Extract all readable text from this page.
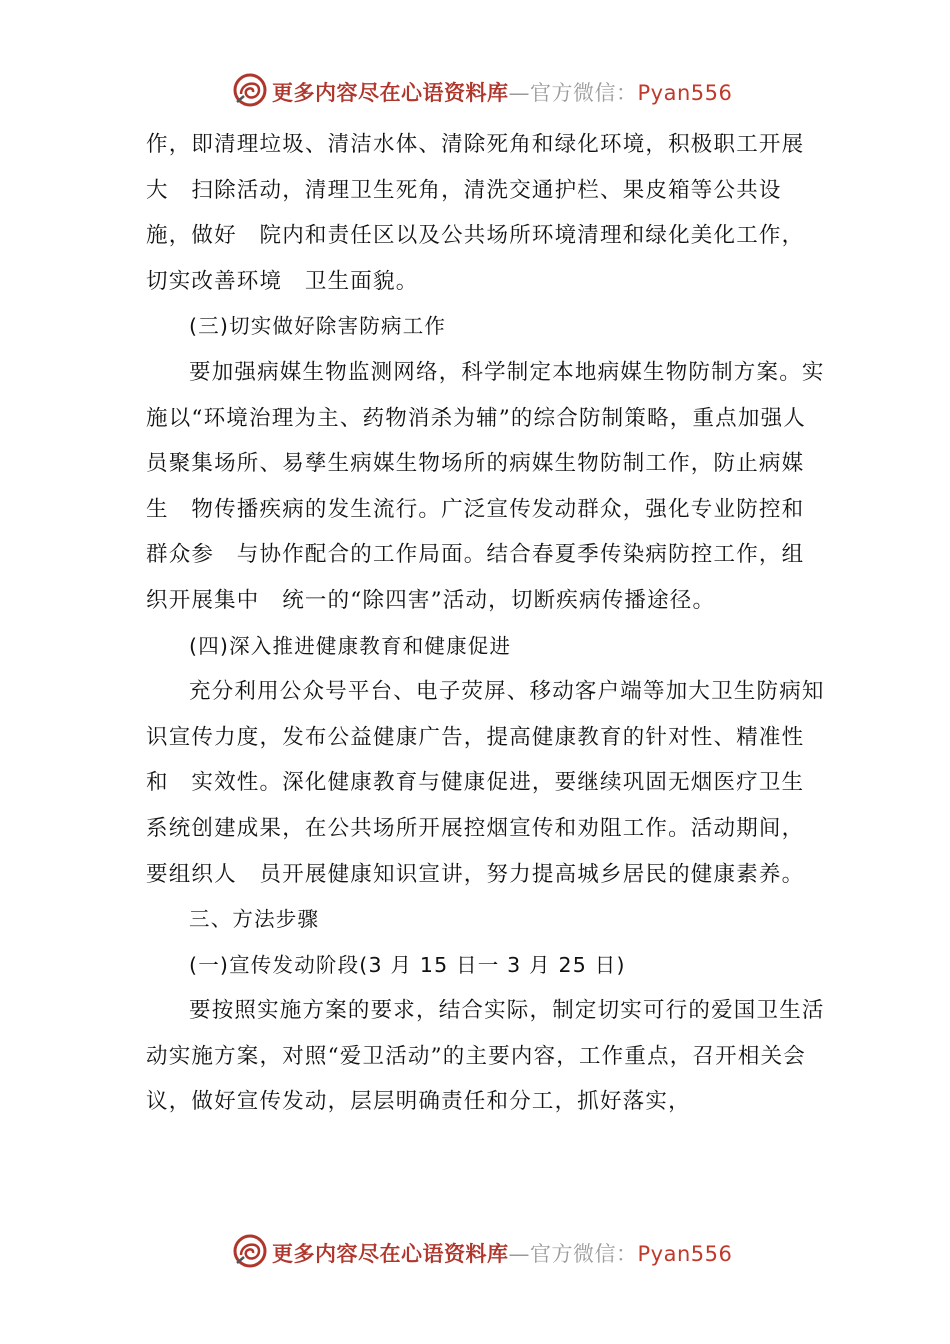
更多内容尽在心语资料库—官方微信：Pyan556

作，即清理垃圾、清洁水体、清除死角和绿化环境，积极职工开展大　扫除活动，清理卫生死角，清洗交通护栏、果皮箱等公共设施，做好　院内和责任区以及公共场所环境清理和绿化美化工作，切实改善环境　卫生面貌。

(三)切实做好除害防病工作

要加强病媒生物监测网络，科学制定本地病媒生物防制方案。实施以“环境治理为主、药物消杀为辅”的综合防制策略，重点加强人员聚集场所、易孳生病媒生物场所的病媒生物防制工作，防止病媒生　物传播疾病的发生流行。广泛宣传发动群众，强化专业防控和群众参　与协作配合的工作局面。结合春夏季传染病防控工作，组织开展集中　统一的“除四害”活动，切断疾病传播途径。

(四)深入推进健康教育和健康促进

充分利用公众号平台、电子荧屏、移动客户端等加大卫生防病知识宣传力度，发布公益健康广告，提高健康教育的针对性、精准性和　实效性。深化健康教育与健康促进，要继续巩固无烟医疗卫生系统创建成果，在公共场所开展控烟宣传和劝阻工作。活动期间，要组织人　员开展健康知识宣讲，努力提高城乡居民的健康素养。

三、方法步骤

(一)宣传发动阶段(3 月 15 日一 3 月 25 日)

要按照实施方案的要求，结合实际，制定切实可行的爱国卫生活动实施方案，对照“爱卫活动”的主要内容，工作重点，召开相关会议，做好宣传发动，层层明确责任和分工，抓好落实，

更多内容尽在心语资料库—官方微信：Pyan556
